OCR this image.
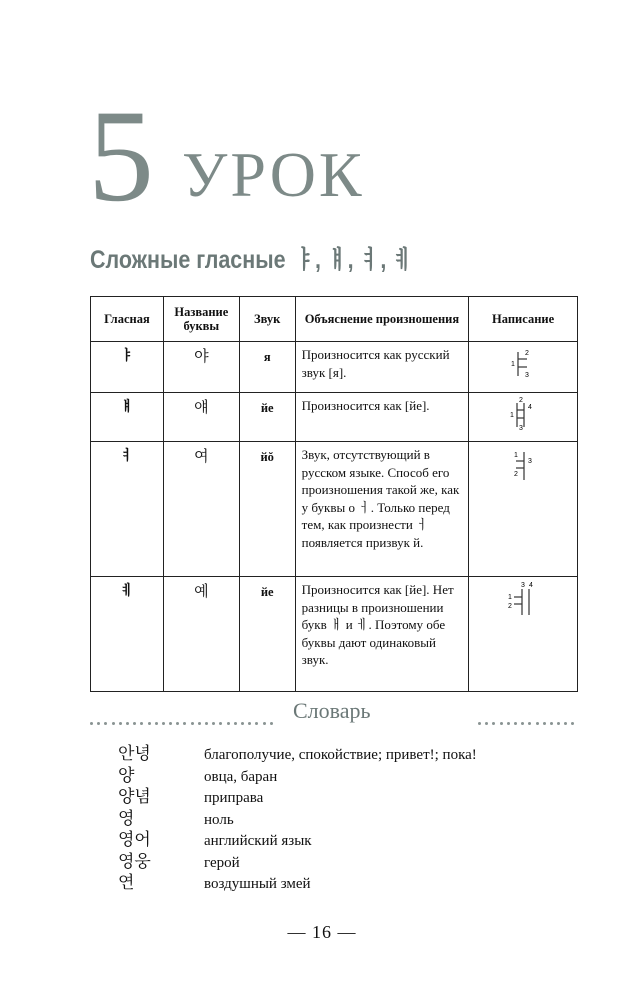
5 УРОК
Сложные гласные ㅑ, ㅒ, ㅕ, ㅖ
Гласная	Название буквы	Звук	Объяснение произношения	Написание
ㅑ	야	я	Произносится как русский звук [я].	1
2
3

ㅒ	얘	йе	Произносится как [йе].	1
2
3
4

ㅕ	여	йŏ	Звук, отсутствующий в русском языке. Способ его произношения такой же, как у буквы о ㅓ. Только перед тем, как произнести ㅓ появляется призвук й.	1
2
3

ㅖ	예	йе	Произносится как [йе]. Нет разницы в произношении букв ㅐ и ㅔ. Поэтому обе буквы дают одинаковый звук.	1
2
3 4
Словарь
안녕	благополучие, спокойствие; привет!; пока!
양	овца, баран
양념	приправа
영	ноль
영어	английский язык
영웅	герой
연	воздушный змей
— 16 —
